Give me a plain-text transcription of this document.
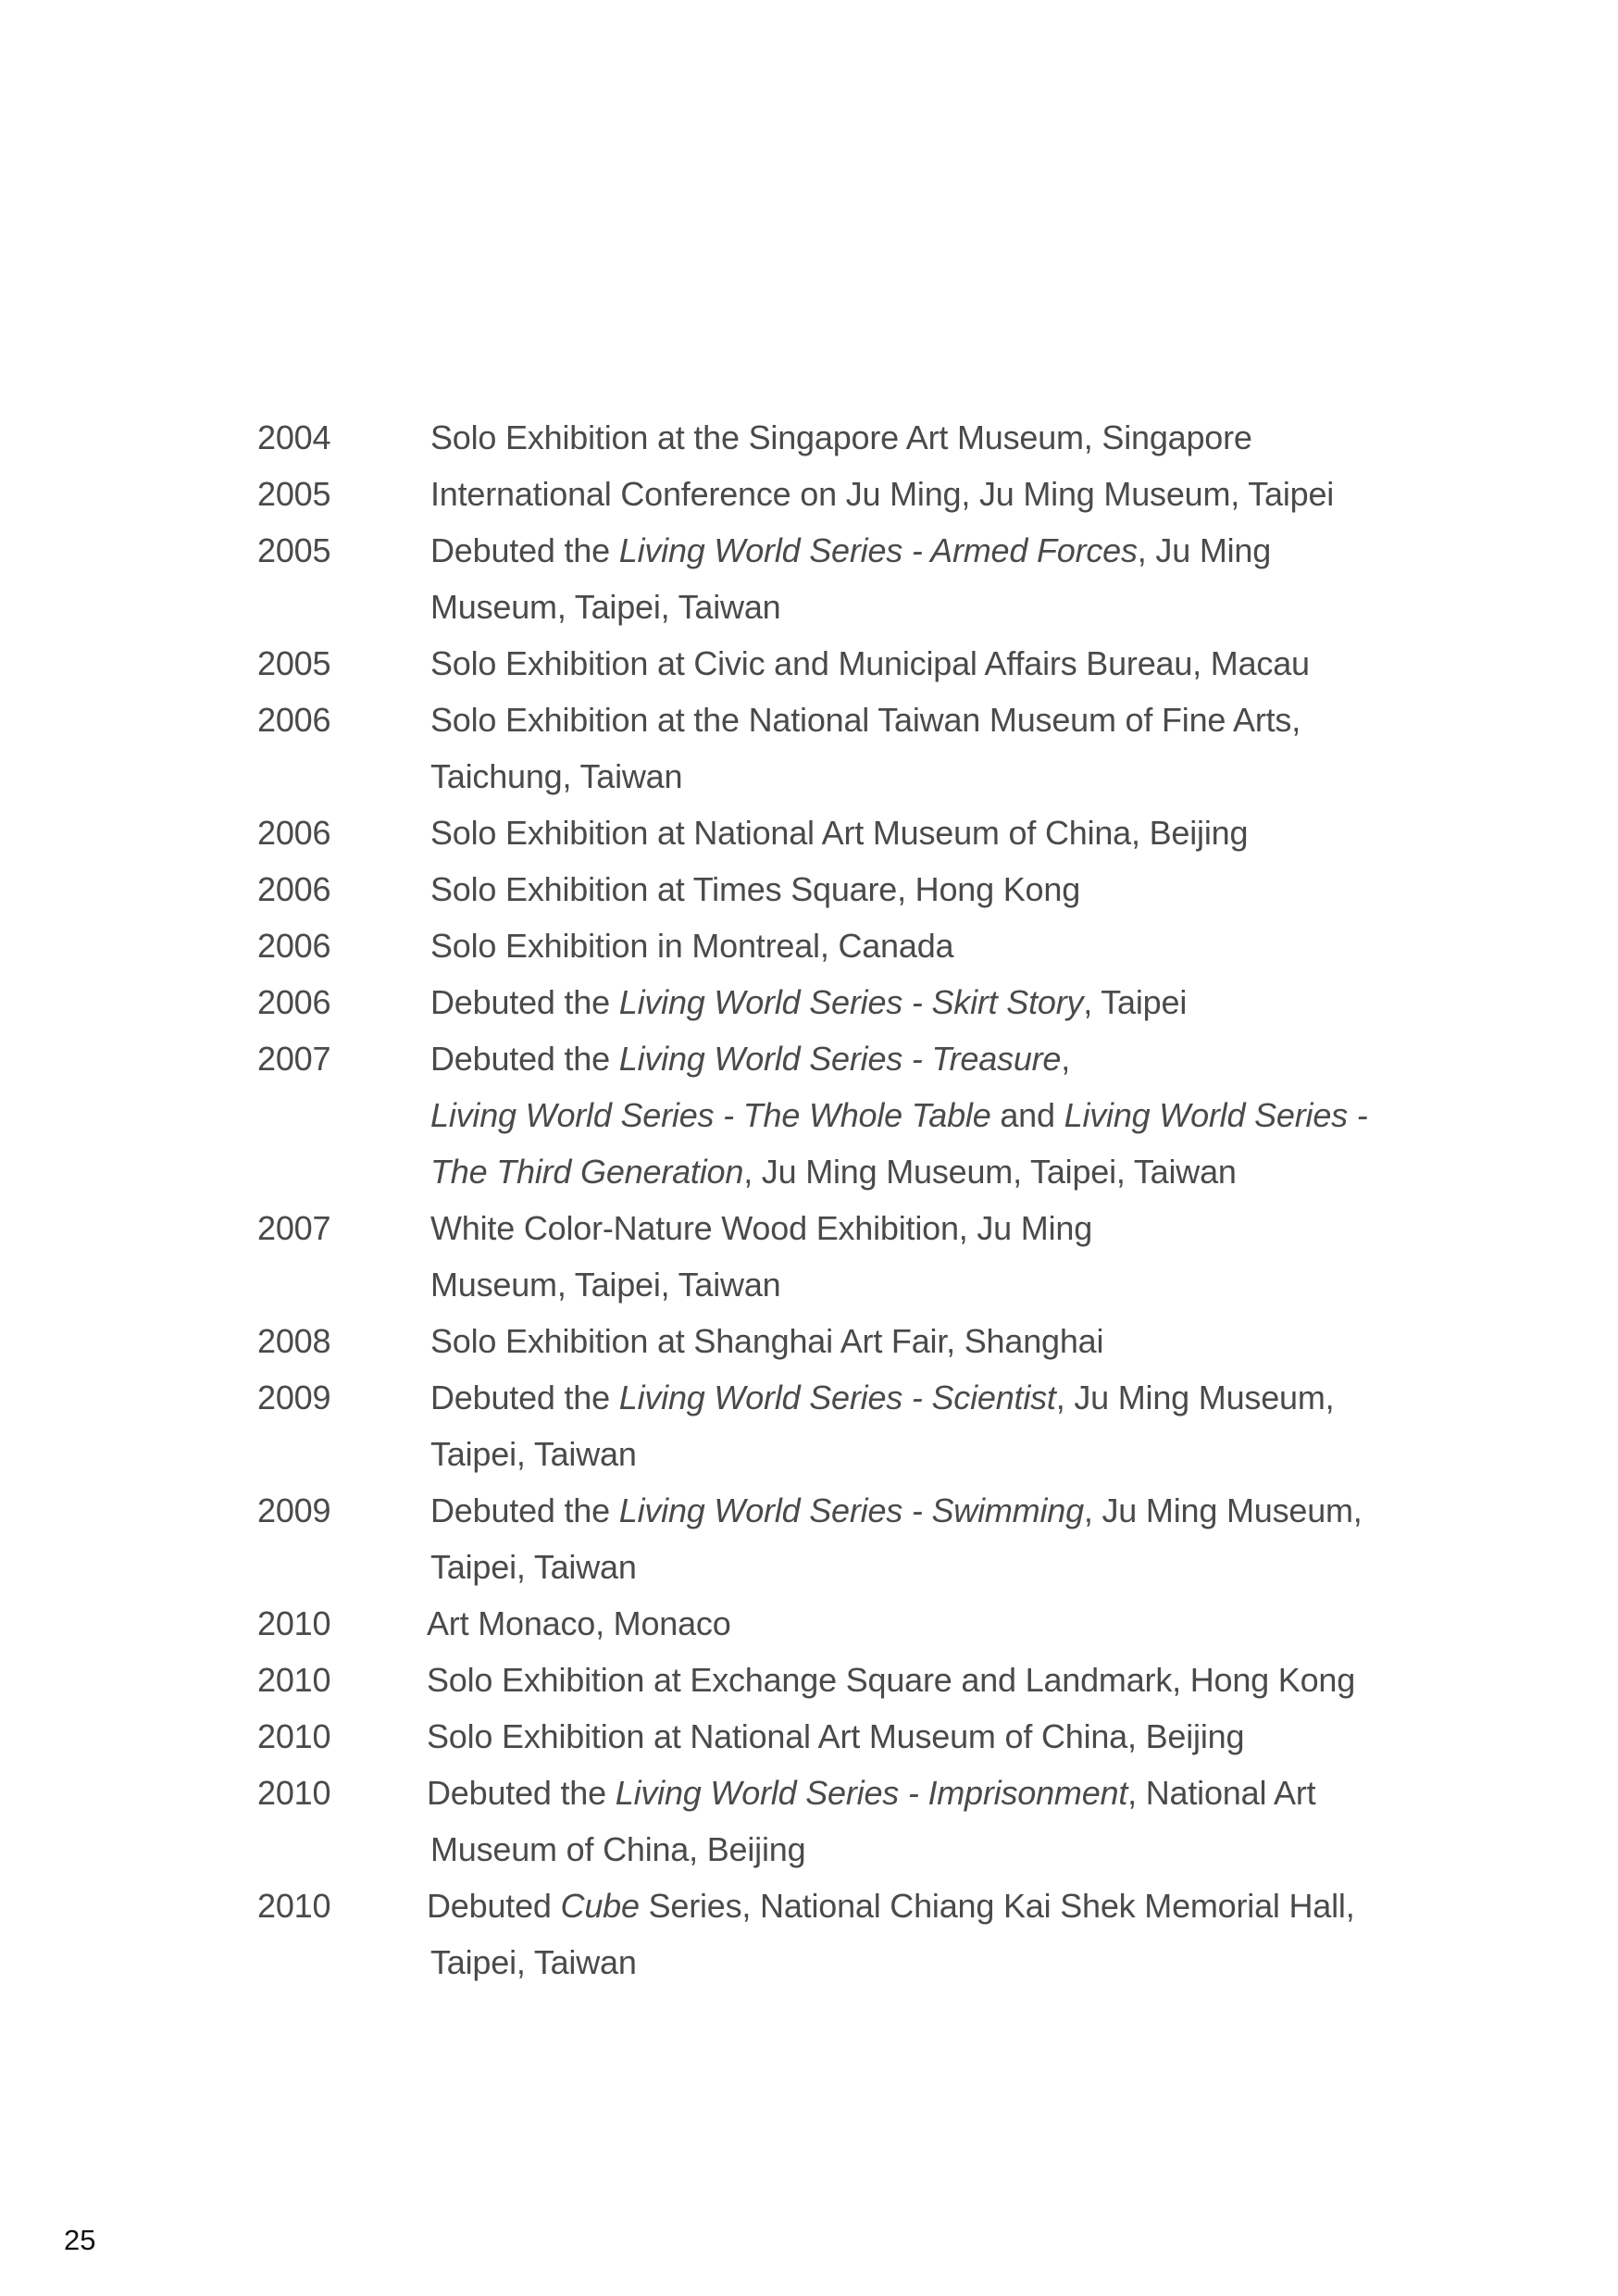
2004	Solo Exhibition at the Singapore Art Museum, Singapore
2005	International Conference on Ju Ming, Ju Ming Museum, Taipei
2005	Debuted the Living World Series - Armed Forces, Ju Ming
Museum, Taipei, Taiwan
2005	Solo Exhibition at Civic and Municipal Affairs Bureau, Macau
2006	Solo Exhibition at the National Taiwan Museum of Fine Arts,
Taichung, Taiwan
2006	Solo Exhibition at National Art Museum of China, Beijing
2006	Solo Exhibition at Times Square, Hong Kong
2006	Solo Exhibition in Montreal, Canada
2006	Debuted the Living World Series - Skirt Story, Taipei
2007	Debuted the Living World Series - Treasure,
Living World Series - The Whole Table and Living World Series -
The Third Generation, Ju Ming Museum, Taipei, Taiwan
2007	White Color-Nature Wood Exhibition, Ju Ming
Museum, Taipei, Taiwan
2008	Solo Exhibition at Shanghai Art Fair, Shanghai
2009	Debuted the Living World Series - Scientist, Ju Ming Museum,
Taipei, Taiwan
2009	Debuted the Living World Series - Swimming, Ju Ming Museum,
Taipei, Taiwan
2010	Art Monaco, Monaco
2010	Solo Exhibition at Exchange Square and Landmark, Hong Kong
2010	Solo Exhibition at National Art Museum of China, Beijing
2010	Debuted the Living World Series - Imprisonment, National Art
Museum of China, Beijing
2010	Debuted Cube Series, National Chiang Kai Shek Memorial Hall,
Taipei, Taiwan
25
